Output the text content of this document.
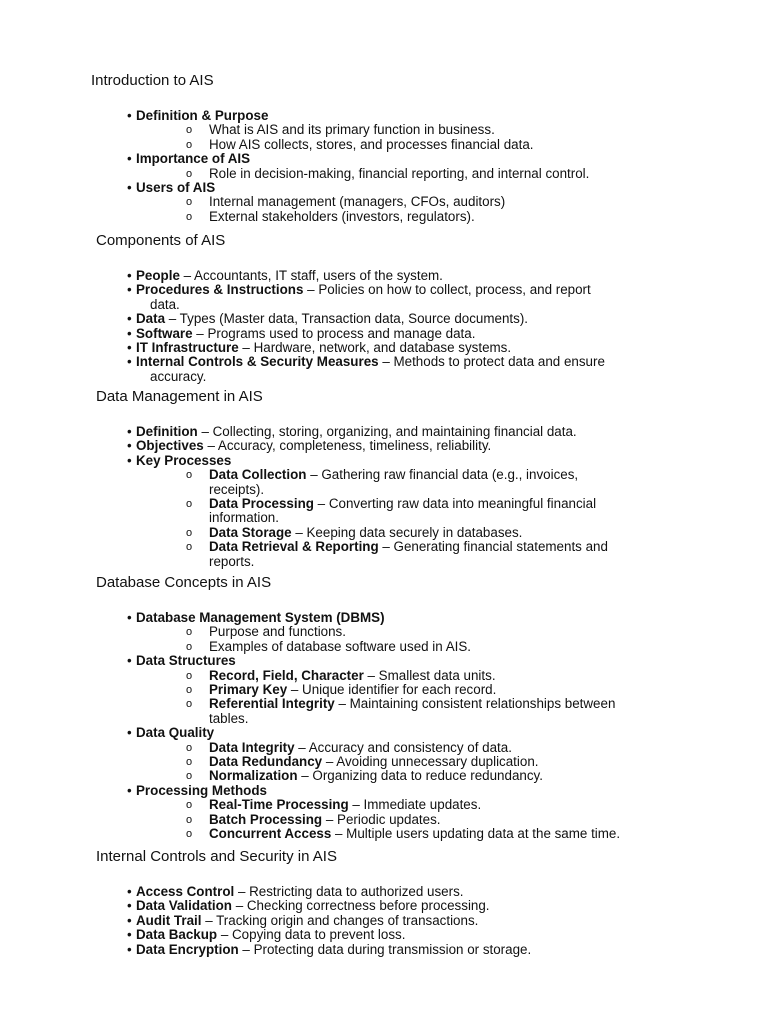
Introduction to AIS
• Definition & Purpose
o What is AIS and its primary function in business.
o How AIS collects, stores, and processes financial data.
• Importance of AIS
o Role in decision-making, financial reporting, and internal control.
• Users of AIS
o Internal management (managers, CFOs, auditors)
o External stakeholders (investors, regulators).
Components of AIS
• People – Accountants, IT staff, users of the system.
• Procedures & Instructions – Policies on how to collect, process, and report
data.
• Data – Types (Master data, Transaction data, Source documents).
• Software – Programs used to process and manage data.
• IT Infrastructure – Hardware, network, and database systems.
• Internal Controls & Security Measures – Methods to protect data and ensure
accuracy.
Data Management in AIS
• Definition – Collecting, storing, organizing, and maintaining financial data.
• Objectives – Accuracy, completeness, timeliness, reliability.
• Key Processes
o Data Collection – Gathering raw financial data (e.g., invoices,
receipts).
o Data Processing – Converting raw data into meaningful financial
information.
o Data Storage – Keeping data securely in databases.
o Data Retrieval & Reporting – Generating financial statements and
reports.
Database Concepts in AIS
• Database Management System (DBMS)
o Purpose and functions.
o Examples of database software used in AIS.
• Data Structures
o Record, Field, Character – Smallest data units.
o Primary Key – Unique identifier for each record.
o Referential Integrity – Maintaining consistent relationships between
tables.
• Data Quality
o Data Integrity – Accuracy and consistency of data.
o Data Redundancy – Avoiding unnecessary duplication.
o Normalization – Organizing data to reduce redundancy.
• Processing Methods
o Real-Time Processing – Immediate updates.
o Batch Processing – Periodic updates.
o Concurrent Access – Multiple users updating data at the same time.
Internal Controls and Security in AIS
• Access Control – Restricting data to authorized users.
• Data Validation – Checking correctness before processing.
• Audit Trail – Tracking origin and changes of transactions.
• Data Backup – Copying data to prevent loss.
• Data Encryption – Protecting data during transmission or storage.
